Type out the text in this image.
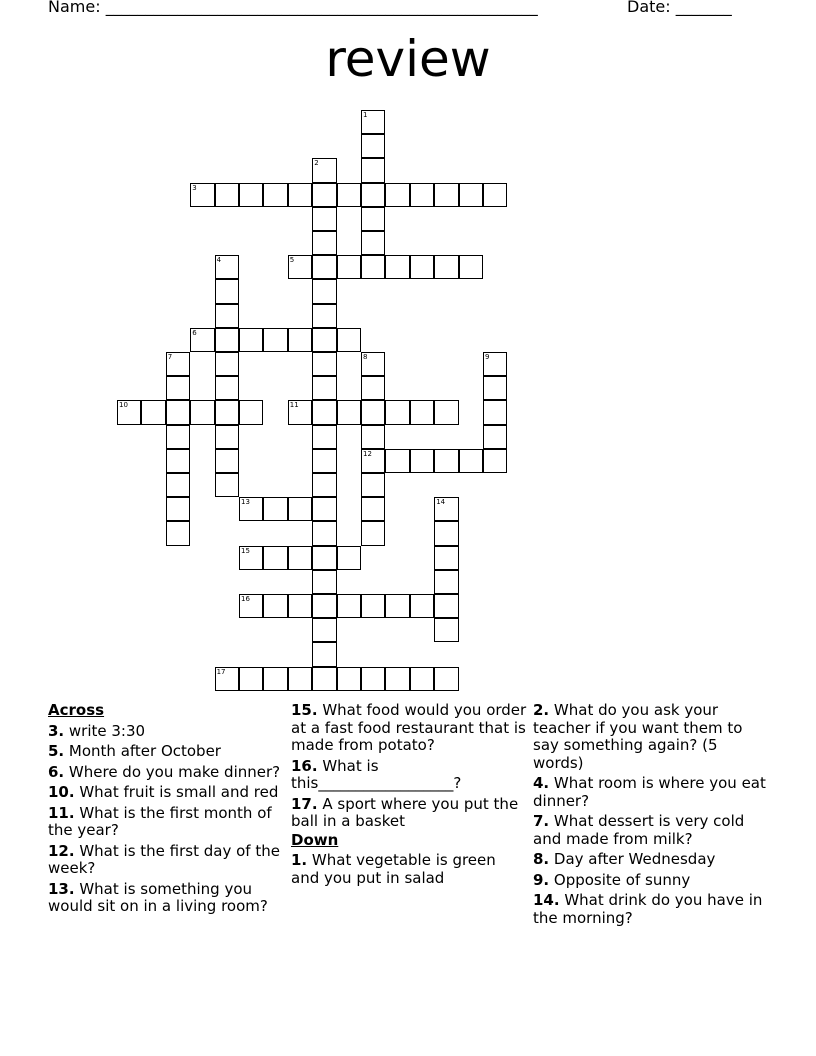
Name: ______________________________________________________	Date: _______
review
1
2
3
4	5
6
7	8
12
9
10	11
13	14
15
16
17
Across
3. write 3:30
5. Month after October
6. Where do you make dinner?
10. What fruit is small and red
11. What is the first month of the year?
12. What is the first day of the week?
13. What is something you would sit on in a living room?
15. What food would you order at a fast food restaurant that is made from potato?
16. What is this__________________?
17. A sport where you put the ball in a basket
Down
1. What vegetable is green and you put in salad
2. What do you ask your teacher if you want them to say something again? (5 words)
4. What room is where you eat dinner?
7. What dessert is very cold and made from milk?
8. Day after Wednesday
9. Opposite of sunny
14. What drink do you have in the morning?
